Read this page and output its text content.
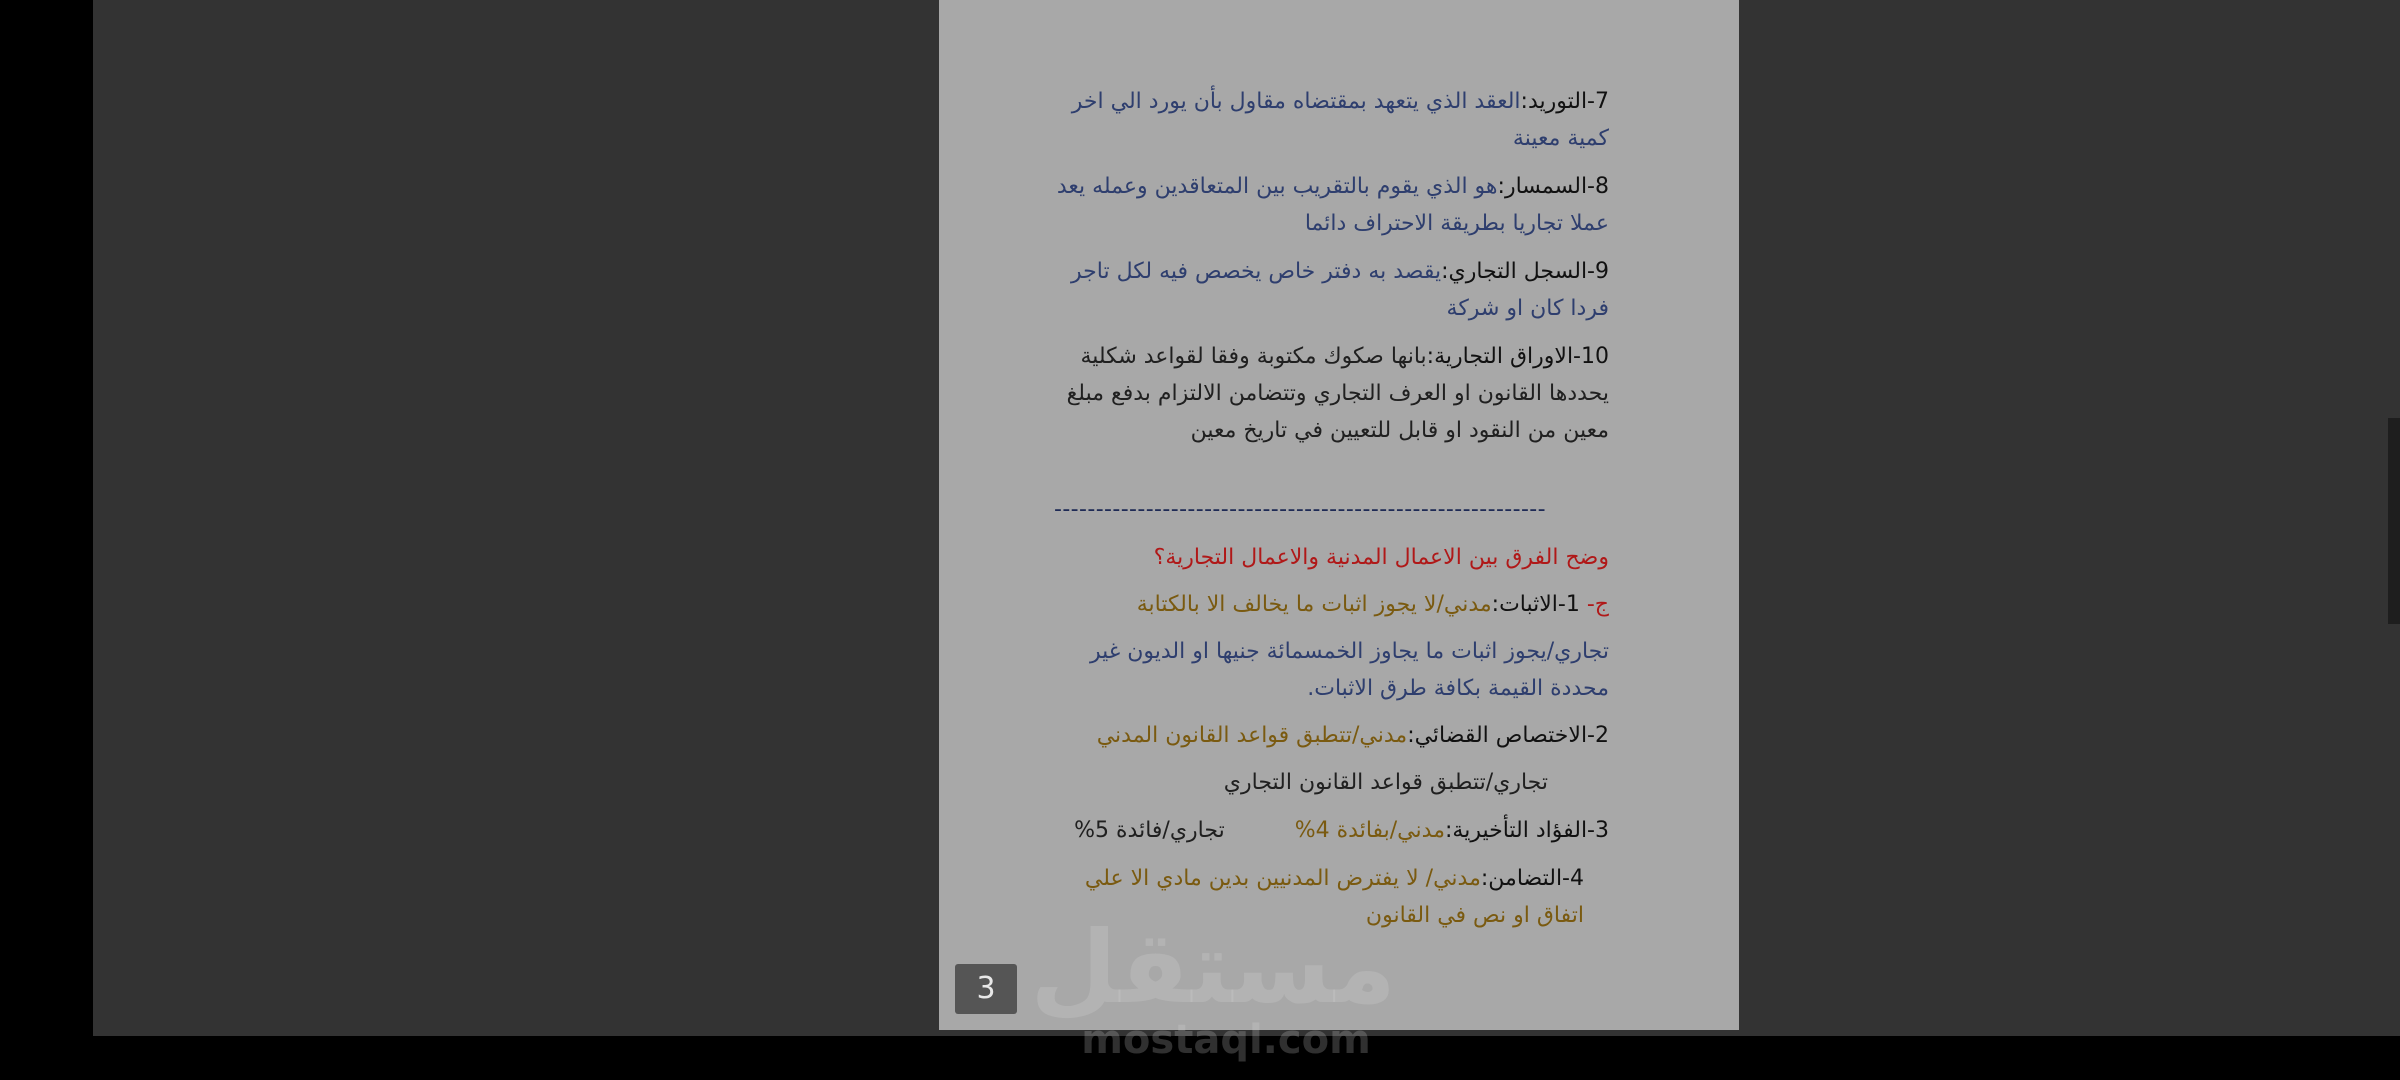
7-التوريد:العقد الذي يتعهد بمقتضاه مقاول بأن يورد الي اخر كمية معينة

8-السمسار:هو الذي يقوم بالتقريب بين المتعاقدين وعمله يعد عملا تجاريا بطريقة الاحتراف دائما

9-السجل التجاري:يقصد به دفتر خاص يخصص فيه لكل تاجر فردا كان او شركة

10-الاوراق التجارية:بانها صكوك مكتوبة وفقا لقواعد شكلية يحددها القانون او العرف التجاري وتتضامن الالتزام بدفع مبلغ معين من النقود او قابل للتعيين في تاريخ معين

-----------------------------------------------------------

وضح الفرق بين الاعمال المدنية والاعمال التجارية؟

ج- 1-الاثبات:مدني/لا يجوز اثبات ما يخالف الا بالكتابة

تجاري/يجوز اثبات ما يجاوز الخمسمائة جنيها او الديون غير محددة القيمة بكافة طرق الاثبات.

2-الاختصاص القضائي:مدني/تتطبق قواعد القانون المدني

تجاري/تتطبق قواعد القانون التجاري

3-الفؤاد التأخيرية:مدني/بفائدة 4%تجاري/فائدة 5%

4-التضامن:مدني/ لا يفترض المدنيين بدين مادي الا علي اتفاق او نص في القانون

3 مستقل
mostaql.com
